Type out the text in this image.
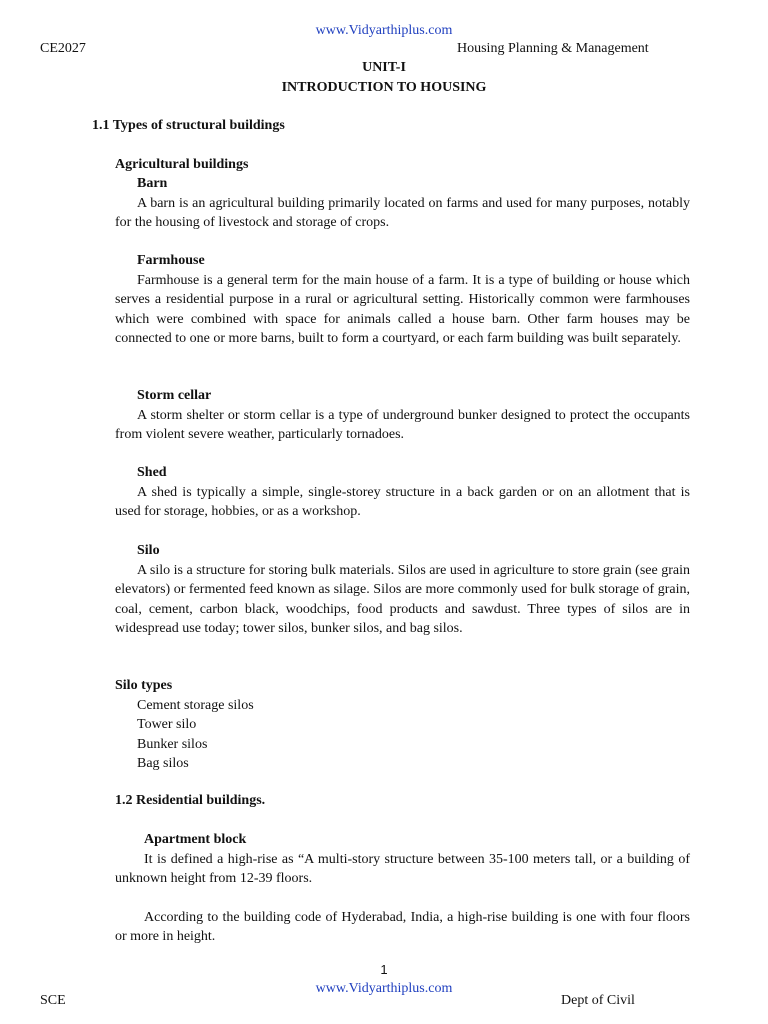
www.Vidyarthiplus.com
CE2027	Housing Planning & Management
UNIT-I
INTRODUCTION TO HOUSING
1.1 Types of structural buildings
Agricultural buildings
Barn
A barn is an agricultural building primarily located on farms and used for many purposes, notably for the housing of livestock and storage of crops.
Farmhouse
Farmhouse is a general term for the main house of a farm. It is a type of building or house which serves a residential purpose in a rural or agricultural setting. Historically common were farmhouses which were combined with space for animals called a house barn. Other farm houses may be connected to one or more barns, built to form a courtyard, or each farm building was built separately.
Storm cellar
A storm shelter or storm cellar is a type of underground bunker designed to protect the occupants from violent severe weather, particularly tornadoes.
Shed
A shed is typically a simple, single-storey structure in a back garden or on an allotment that is used for storage, hobbies, or as a workshop.
Silo
A silo is a structure for storing bulk materials. Silos are used in agriculture to store grain (see grain elevators) or fermented feed known as silage. Silos are more commonly used for bulk storage of grain, coal, cement, carbon black, woodchips, food products and sawdust. Three types of silos are in widespread use today; tower silos, bunker silos, and bag silos.
Silo types
Cement storage silos
Tower silo
Bunker silos
Bag silos
1.2 Residential buildings.
Apartment block
It is defined a high-rise as “A multi-story structure between 35-100 meters tall, or a building of unknown height from 12-39 floors.
According to the building code of Hyderabad, India, a high-rise building is one with four floors or more in height.
1
www.Vidyarthiplus.com
SCE	Dept of Civil
